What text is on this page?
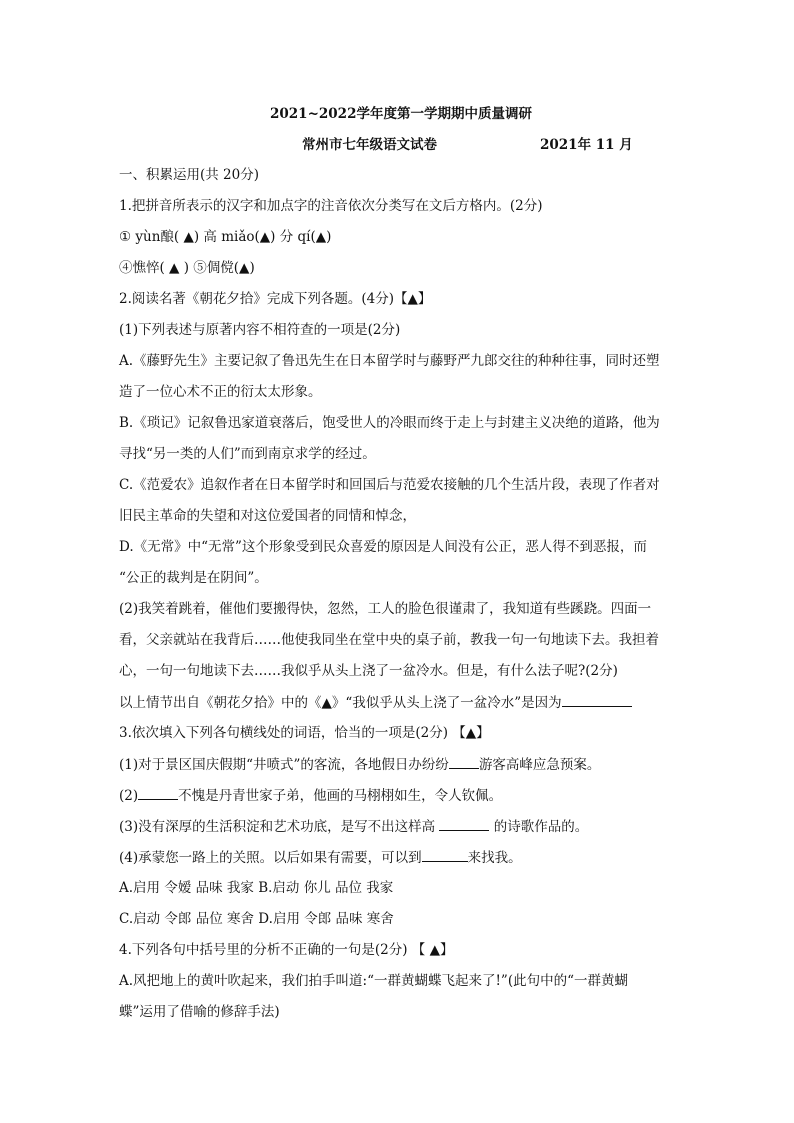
2021~2022学年度第一学期期中质量调研
常州市七年级语文试卷	2021年 11 月
一、积累运用(共 20分)
1.把拼音所表示的汉字和加点字的注音依次分类写在文后方格内。(2分)
① yùn酿( ▲) 高 miǎo(▲) 分 qí(▲)
④憔悴( ▲ ) ⑤倜傥(▲)
2.阅读名著《朝花夕拾》完成下列各题。(4分)【▲】
(1)下列表述与原著内容不相符查的一项是(2分)
A.《藤野先生》主要记叙了鲁迅先生在日本留学时与藤野严九郎交往的种种往事，同时还塑
造了一位心术不正的衍太太形象。
B.《琐记》记叙鲁迅家道衰落后，饱受世人的冷眼而终于走上与封建主义决绝的道路，他为
寻找“另一类的人们”而到南京求学的经过。
C.《范爱农》追叙作者在日本留学时和回国后与范爱农接触的几个生活片段，表现了作者对
旧民主革命的失望和对这位爱国者的同情和悼念，
D.《无常》中“无常”这个形象受到民众喜爱的原因是人间没有公正，恶人得不到恶报，而
“公正的裁判是在阴间”。
(2)我笑着跳着，催他们要搬得快，忽然，工人的脸色很谨肃了，我知道有些蹊跷。四面一
看，父亲就站在我背后……他使我同坐在堂中央的桌子前，教我一句一句地读下去。我担着
心，一句一句地读下去……我似乎从头上浇了一盆冷水。但是，有什么法子呢?(2分)
以上情节出自《朝花夕拾》中的《▲》“我似乎从头上浇了一盆冷水”是因为
3.依次填入下列各句横线处的词语，恰当的一项是(2分) 【▲】
(1)对于景区国庆假期“井喷式”的客流，各地假日办纷纷 游客高峰应急预案。
(2)	不愧是丹青世家子弟，他画的马栩栩如生，令人钦佩。
(3)没有深厚的生活积淀和艺术功底，是写不出这样高	的诗歌作品的。
(4)承蒙您一路上的关照。以后如果有需要，可以到	来找我。
A.启用 令嫒 品味 我家 B.启动 你儿 品位 我家
C.启动 令郎 品位 寒舍 D.启用 令郎 品味 寒舍
4.下列各句中括号里的分析不正确的一句是(2分) 【 ▲】
A.风把地上的黄叶吹起来，我们拍手叫道:“一群黄蝴蝶飞起来了!”(此句中的“一群黄蝴
蝶”运用了借喻的修辞手法)
